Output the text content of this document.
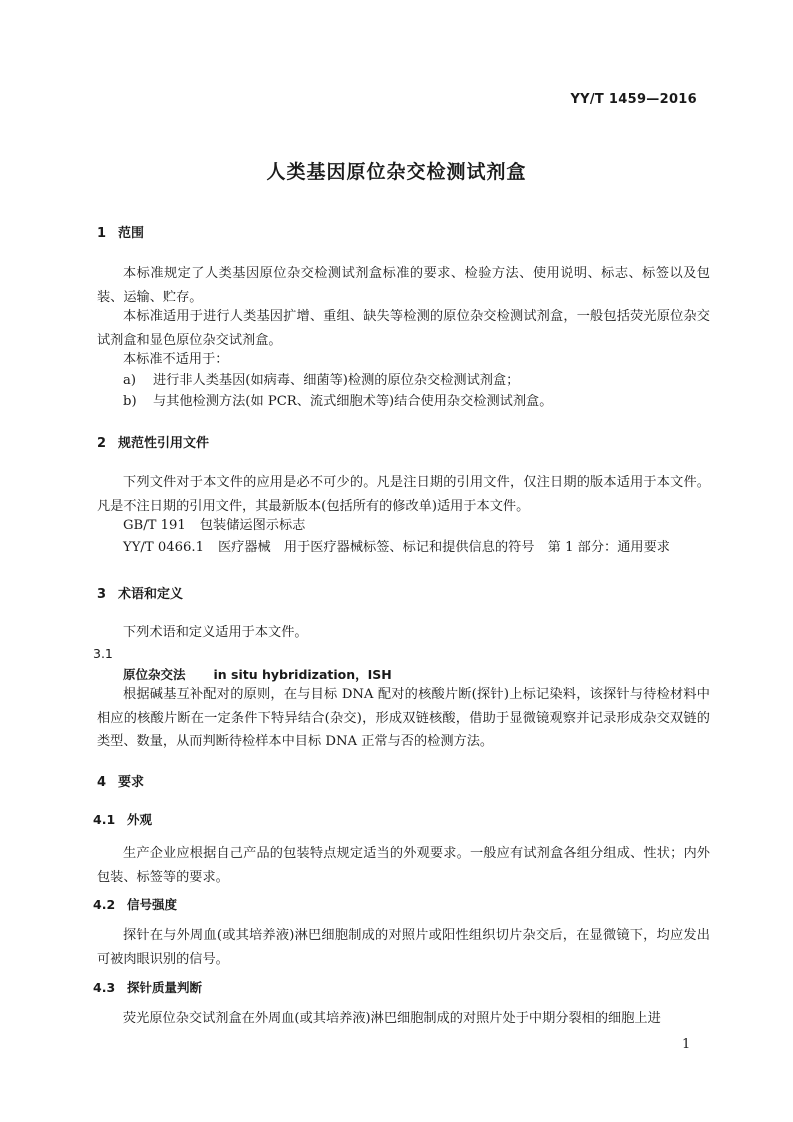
YY/T 1459—2016
人类基因原位杂交检测试剂盒
1 范围
本标准规定了人类基因原位杂交检测试剂盒标准的要求、检验方法、使用说明、标志、标签以及包装、运输、贮存。
本标准适用于进行人类基因扩增、重组、缺失等检测的原位杂交检测试剂盒，一般包括荧光原位杂交试剂盒和显色原位杂交试剂盒。
本标准不适用于：
a) 进行非人类基因(如病毒、细菌等)检测的原位杂交检测试剂盒；
b) 与其他检测方法(如 PCR、流式细胞术等)结合使用杂交检测试剂盒。
2 规范性引用文件
下列文件对于本文件的应用是必不可少的。凡是注日期的引用文件，仅注日期的版本适用于本文件。凡是不注日期的引用文件，其最新版本(包括所有的修改单)适用于本文件。
GB/T 191 包装储运图示标志
YY/T 0466.1 医疗器械　用于医疗器械标签、标记和提供信息的符号　第 1 部分：通用要求
3 术语和定义
下列术语和定义适用于本文件。
3.1
原位杂交法 in situ hybridization，ISH
根据碱基互补配对的原则，在与目标 DNA 配对的核酸片断(探针)上标记染料，该探针与待检材料中相应的核酸片断在一定条件下特异结合(杂交)，形成双链核酸，借助于显微镜观察并记录形成杂交双链的类型、数量，从而判断待检样本中目标 DNA 正常与否的检测方法。
4 要求
4.1 外观
生产企业应根据自己产品的包装特点规定适当的外观要求。一般应有试剂盒各组分组成、性状；内外包装、标签等的要求。
4.2 信号强度
探针在与外周血(或其培养液)淋巴细胞制成的对照片或阳性组织切片杂交后，在显微镜下，均应发出可被肉眼识别的信号。
4.3 探针质量判断
荧光原位杂交试剂盒在外周血(或其培养液)淋巴细胞制成的对照片处于中期分裂相的细胞上进
1
